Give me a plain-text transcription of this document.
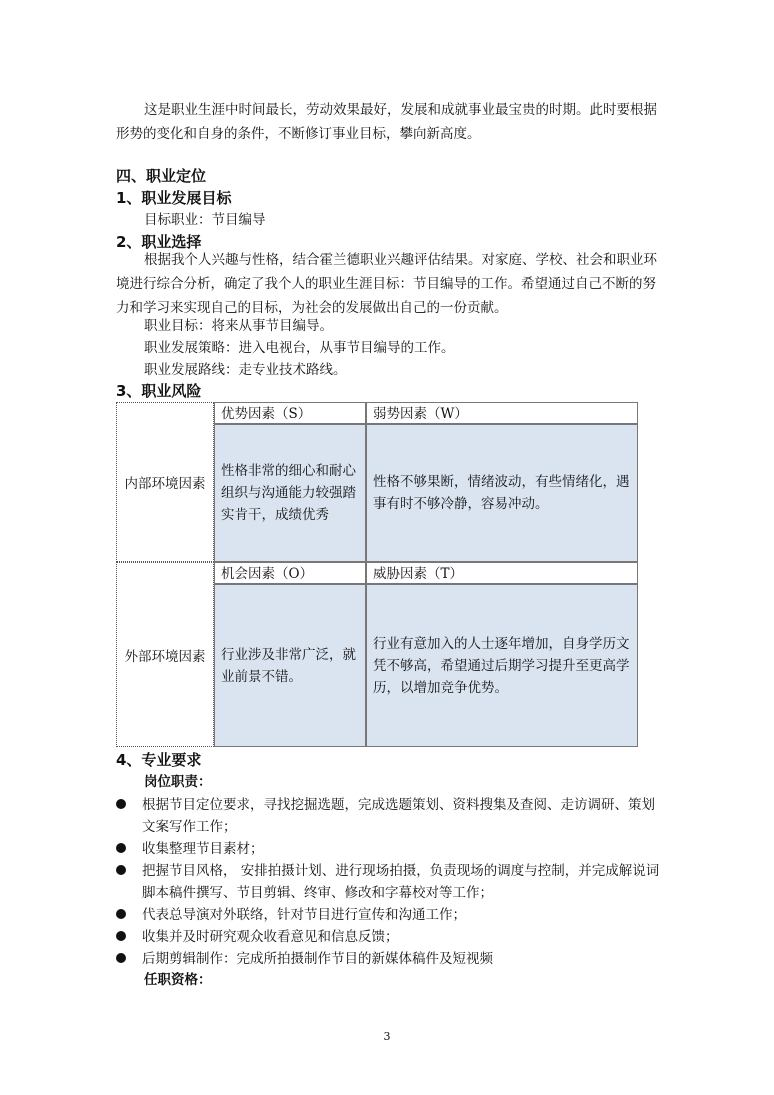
这是职业生涯中时间最长，劳动效果最好，发展和成就事业最宝贵的时期。此时要根据形势的变化和自身的条件，不断修订事业目标，攀向新高度。

四、职业定位

1、职业发展目标

目标职业：节目编导

2、职业选择

根据我个人兴趣与性格，结合霍兰德职业兴趣评估结果。对家庭、学校、社会和职业环境进行综合分析，确定了我个人的职业生涯目标：节目编导的工作。希望通过自己不断的努力和学习来实现自己的目标，为社会的发展做出自己的一份贡献。

职业目标：将来从事节目编导。

职业发展策略：进入电视台，从事节目编导的工作。

职业发展路线：走专业技术路线。

3、职业风险

内部环境因素
外部环境因素
优势因素（S）	弱势因素（W）
性格非常的细心和耐心组织与沟通能力较强踏实肯干，成绩优秀
性格不够果断，情绪波动，有些情绪化，遇事有时不够冷静，容易冲动。
机会因素（O）	威胁因素（T）
行业涉及非常广泛，就业前景不错。
行业有意加入的人士逐年增加，自身学历文凭不够高，希望通过后期学习提升至更高学历，以增加竞争优势。

4、专业要求

岗位职责：

根据节目定位要求，寻找挖掘选题，完成选题策划、资料搜集及查阅、走访调研、策划文案写作工作；
收集整理节目素材；
把握节目风格， 安排拍摄计划、进行现场拍摄，负责现场的调度与控制，并完成解说词脚本稿件撰写、节目剪辑、终审、修改和字幕校对等工作；
代表总导演对外联络，针对节目进行宣传和沟通工作；
收集并及时研究观众收看意见和信息反馈；
后期剪辑制作：完成所拍摄制作节目的新媒体稿件及短视频

任职资格：

3
